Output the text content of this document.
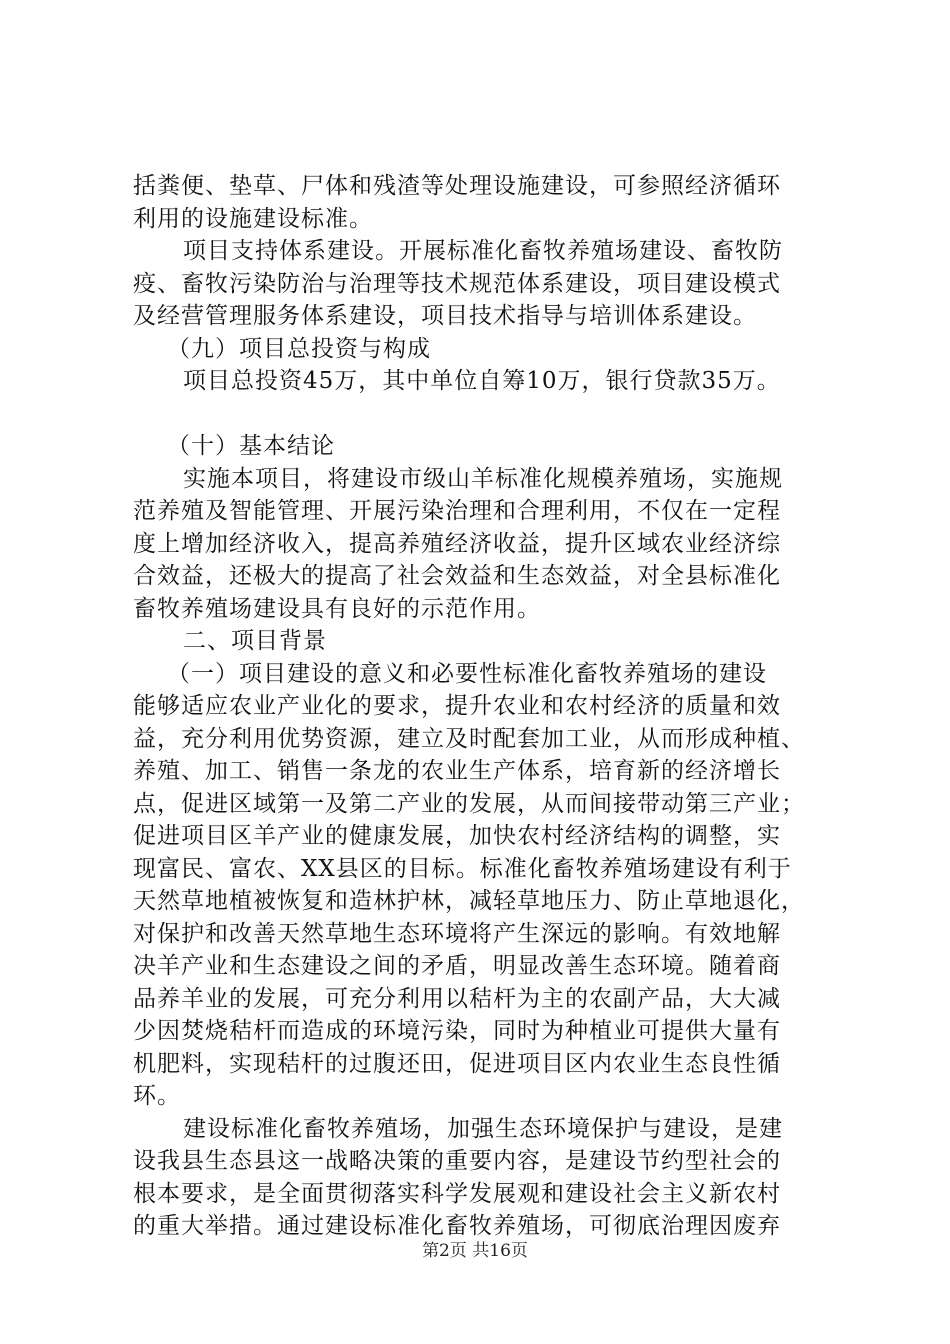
括粪便、垫草、尸体和残渣等处理设施建设，可参照经济循环
利用的设施建设标准。
项目支持体系建设。开展标准化畜牧养殖场建设、畜牧防
疫、畜牧污染防治与治理等技术规范体系建设，项目建设模式
及经营管理服务体系建设，项目技术指导与培训体系建设。
（九）项目总投资与构成
项目总投资45万，其中单位自筹10万，银行贷款35万。
（十）基本结论
实施本项目，将建设市级山羊标准化规模养殖场，实施规
范养殖及智能管理、开展污染治理和合理利用，不仅在一定程
度上增加经济收入，提高养殖经济收益，提升区域农业经济综
合效益，还极大的提高了社会效益和生态效益，对全县标准化
畜牧养殖场建设具有良好的示范作用。
二、项目背景
（一）项目建设的意义和必要性标准化畜牧养殖场的建设
能够适应农业产业化的要求，提升农业和农村经济的质量和效
益，充分利用优势资源，建立及时配套加工业，从而形成种植、
养殖、加工、销售一条龙的农业生产体系，培育新的经济增长
点，促进区域第一及第二产业的发展，从而间接带动第三产业；
促进项目区羊产业的健康发展，加快农村经济结构的调整，实
现富民、富农、XX县区的目标。标准化畜牧养殖场建设有利于
天然草地植被恢复和造林护林，减轻草地压力、防止草地退化，
对保护和改善天然草地生态环境将产生深远的影响。有效地解
决羊产业和生态建设之间的矛盾，明显改善生态环境。随着商
品养羊业的发展，可充分利用以秸杆为主的农副产品，大大减
少因焚烧秸杆而造成的环境污染，同时为种植业可提供大量有
机肥料，实现秸杆的过腹还田，促进项目区内农业生态良性循
环。
建设标准化畜牧养殖场，加强生态环境保护与建设，是建
设我县生态县这一战略决策的重要内容，是建设节约型社会的
根本要求，是全面贯彻落实科学发展观和建设社会主义新农村
的重大举措。通过建设标准化畜牧养殖场，可彻底治理因废弃
第2页 共16页
